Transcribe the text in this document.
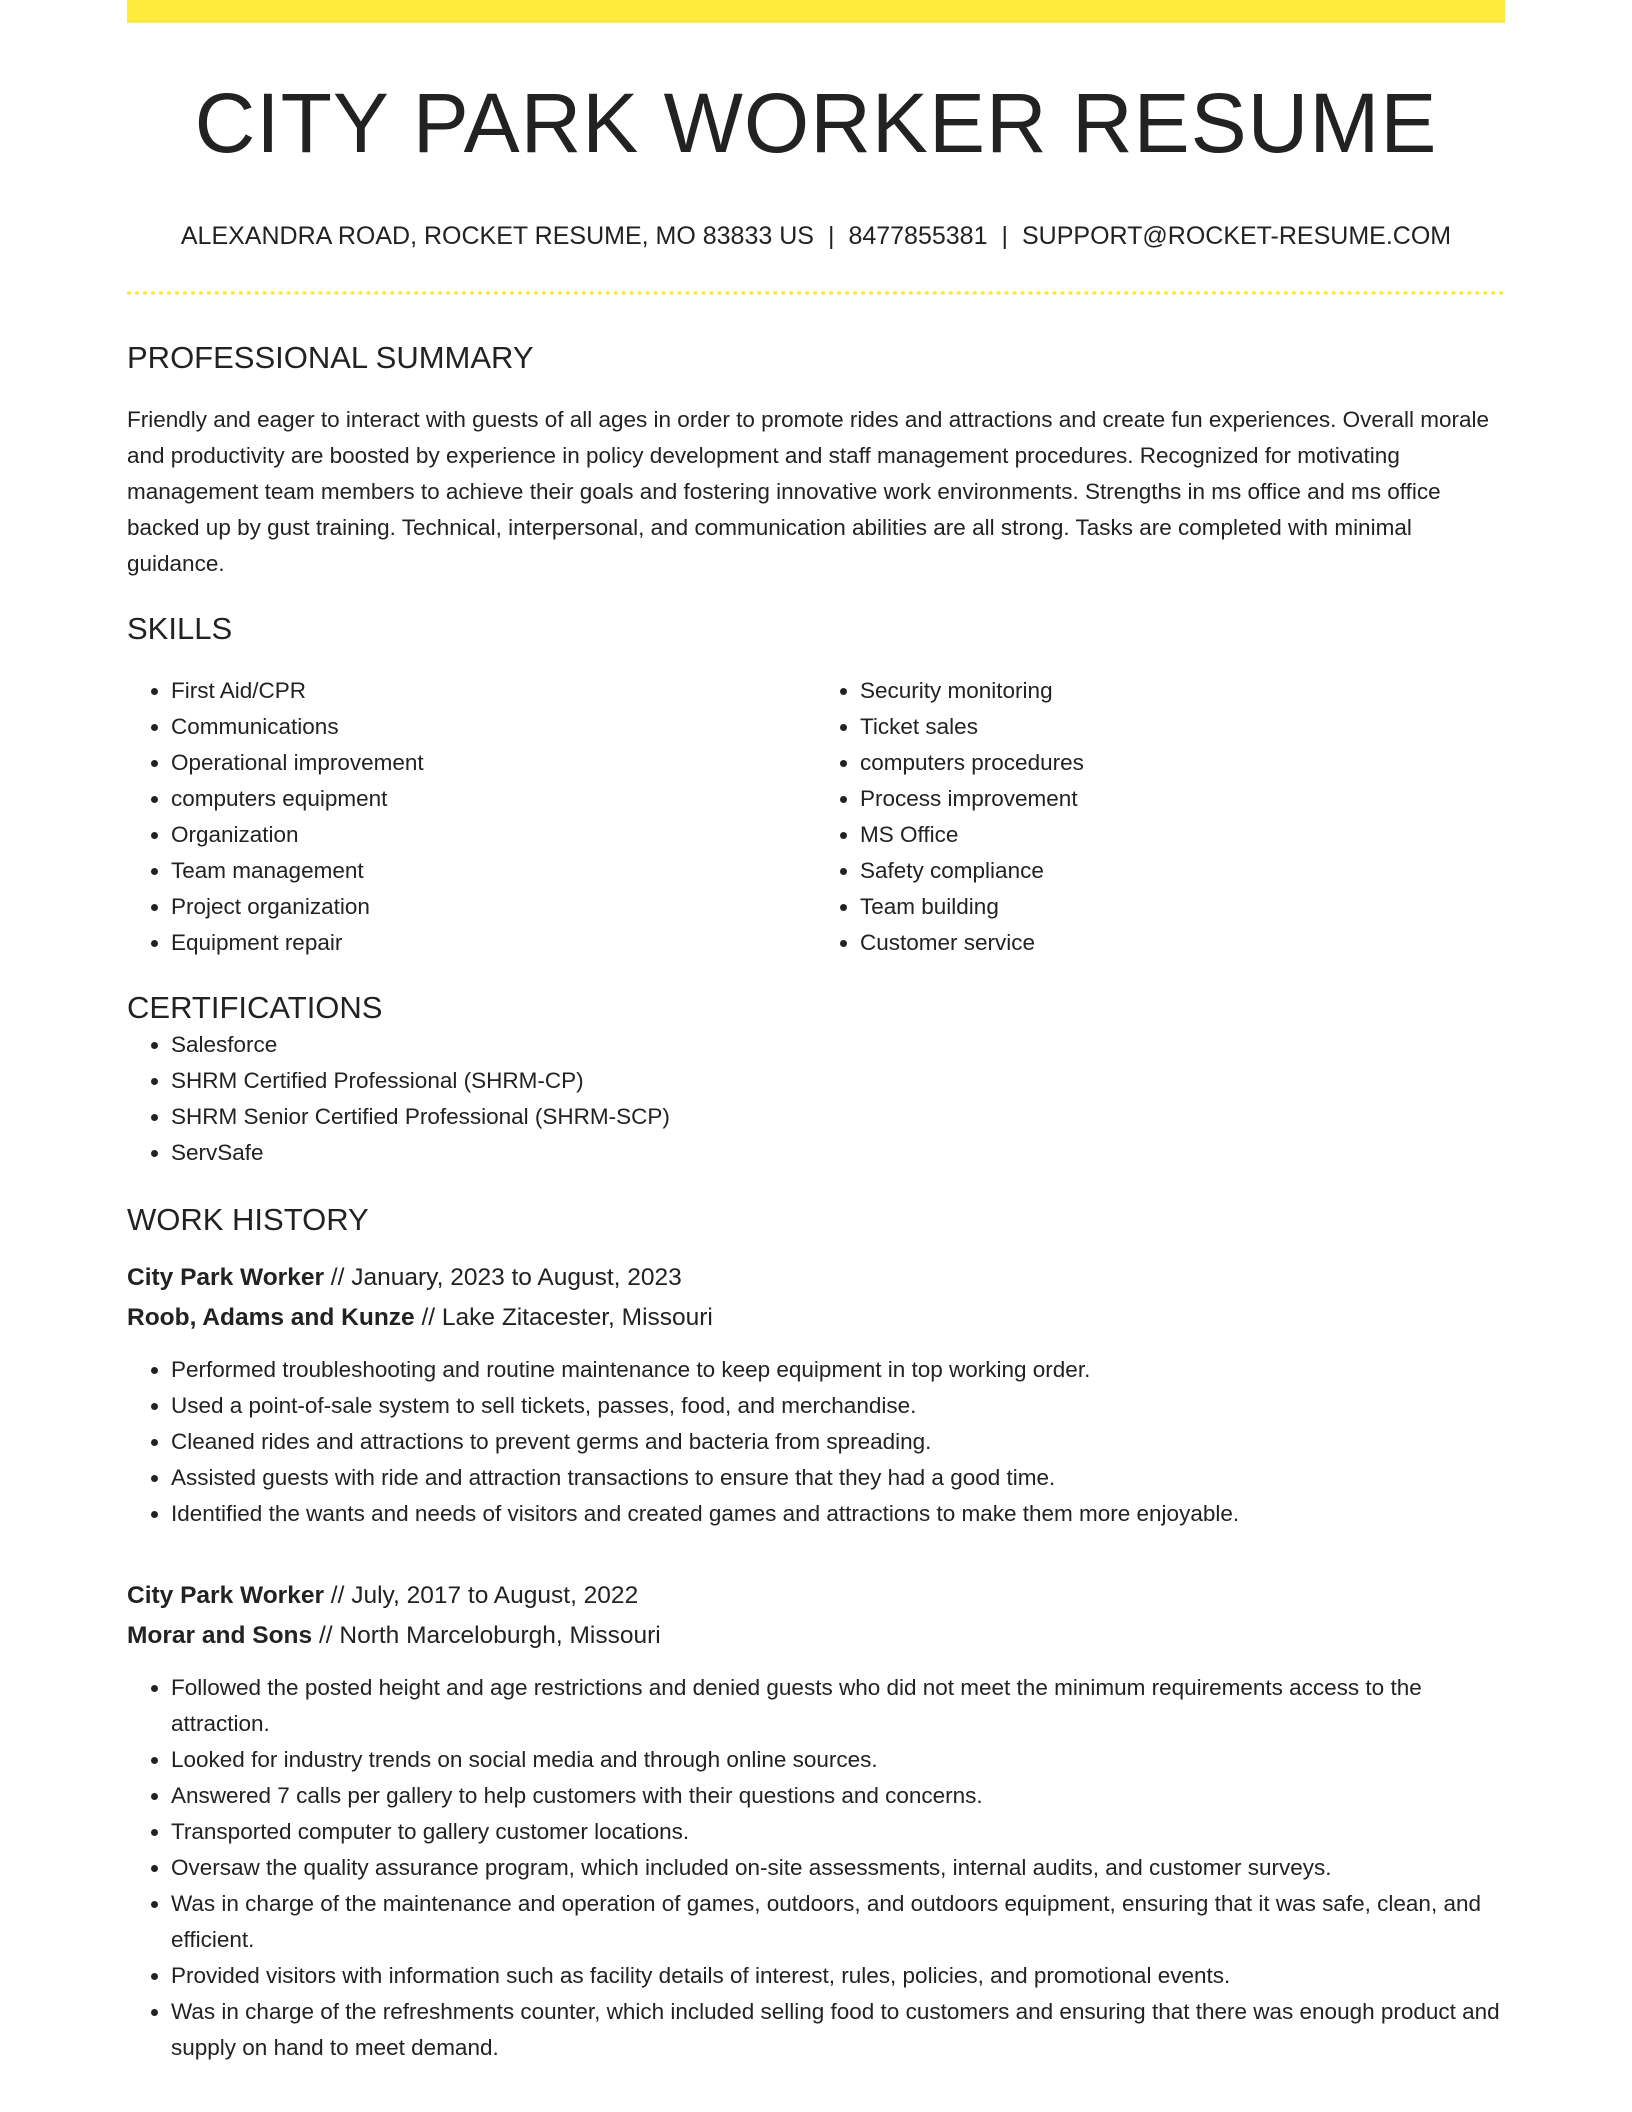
CITY PARK WORKER RESUME
ALEXANDRA ROAD, ROCKET RESUME, MO 83833 US | 8477855381 | SUPPORT@ROCKET-RESUME.COM
PROFESSIONAL SUMMARY

Friendly and eager to interact with guests of all ages in order to promote rides and attractions and create fun experiences. Overall morale and productivity are boosted by experience in policy development and staff management procedures. Recognized for motivating management team members to achieve their goals and fostering innovative work environments. Strengths in ms office and ms office backed up by gust training. Technical, interpersonal, and communication abilities are all strong. Tasks are completed with minimal guidance.

SKILLS
• First Aid/CPR
• Communications
• Operational improvement
• computers equipment
• Organization
• Team management
• Project organization
• Equipment repair
• Security monitoring
• Ticket sales
• computers procedures
• Process improvement
• MS Office
• Safety compliance
• Team building
• Customer service
CERTIFICATIONS
• Salesforce
• SHRM Certified Professional (SHRM-CP)
• SHRM Senior Certified Professional (SHRM-SCP)
• ServSafe
WORK HISTORY
City Park Worker // January, 2023 to August, 2023
Roob, Adams and Kunze // Lake Zitacester, Missouri
• Performed troubleshooting and routine maintenance to keep equipment in top working order.
• Used a point-of-sale system to sell tickets, passes, food, and merchandise.
• Cleaned rides and attractions to prevent germs and bacteria from spreading.
• Assisted guests with ride and attraction transactions to ensure that they had a good time.
• Identified the wants and needs of visitors and created games and attractions to make them more enjoyable.
City Park Worker // July, 2017 to August, 2022
Morar and Sons // North Marceloburgh, Missouri
• Followed the posted height and age restrictions and denied guests who did not meet the minimum requirements access to the attraction.
• Looked for industry trends on social media and through online sources.
• Answered 7 calls per gallery to help customers with their questions and concerns.
• Transported computer to gallery customer locations.
• Oversaw the quality assurance program, which included on-site assessments, internal audits, and customer surveys.
• Was in charge of the maintenance and operation of games, outdoors, and outdoors equipment, ensuring that it was safe, clean, and efficient.
• Provided visitors with information such as facility details of interest, rules, policies, and promotional events.
• Was in charge of the refreshments counter, which included selling food to customers and ensuring that there was enough product and supply on hand to meet demand.
